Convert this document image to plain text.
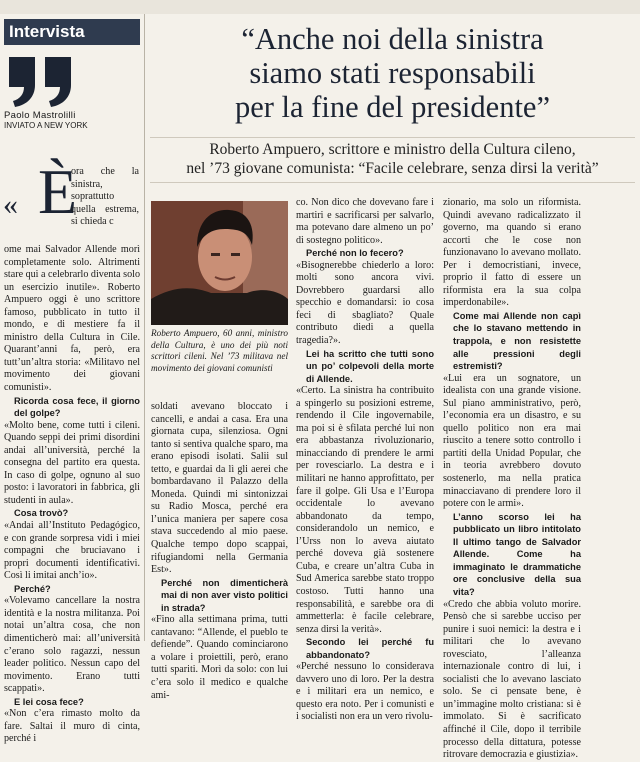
Intervista
Paolo Mastrolilli
INVIATO A NEW YORK
“Anche noi della sinistra
siamo stati responsabili
per la fine del presidente”

Roberto Ampuero, scrittore e ministro della Cultura cileno,
nel ’73 giovane comunista: “Facile celebrare, senza dirsi la verità”

« È

ora che la sinistra, soprattutto quella estrema, si chieda c

ome mai Salvador Allende morì completamente solo. Altrimenti stare qui a celebrarlo diventa solo un esercizio inutile». Roberto Ampuero oggi è uno scrittore famoso, pubblicato in tutto il mondo, e di mestiere fa il ministro della Cultura in Cile. Quarant’anni fa, però, era tutt’un’altra storia: «Militavo nel movimento dei giovani comunisti».

Ricorda cosa fece, il giorno del golpe?

«Molto bene, come tutti i cileni. Quando seppi dei primi disordini andai all’università, perché la consegna del partito era questa. In caso di golpe, ognuno al suo posto: i lavoratori in fabbrica, gli studenti in aula».

Cosa trovò?

«Andai all’Instituto Pedagógico, e con grande sorpresa vidi i miei compagni che bruciavano i propri documenti identificativi. Così li imitai anch’io».

Perché?

«Volevamo cancellare la nostra identità e la nostra militanza. Poi notai un’altra cosa, che non dimenticherò mai: all’università c’erano solo ragazzi, nessun leader politico. Nessun capo del movimento. Erano tutti scappati».

E lei cosa fece?

«Non c’era rimasto molto da fare. Saltai il muro di cinta, perché i

Roberto Ampuero, 60 anni, ministro della Cultura, è uno dei più noti scrittori cileni. Nel ’73 militava nel movimento dei giovani comunisti

soldati avevano bloccato i cancelli, e andai a casa. Era una giornata cupa, silenziosa. Ogni tanto si sentiva qualche sparo, ma erano episodi isolati. Salii sul tetto, e guardai da lì gli aerei che bombardavano il Palazzo della Moneda. Quindi mi sintonizzai su Radio Mosca, perché era l’unica maniera per sapere cosa stava succedendo al mio paese. Qualche tempo dopo scappai, rifugiandomi nella Germania Est».

Perché non dimenticherà mai di non aver visto politici in strada?

«Fino alla settimana prima, tutti cantavano: “Allende, el pueblo te defiende”. Quando cominciarono a volare i proiettili, però, erano tutti spariti. Morì da solo: con lui c’era solo il medico e qualche ami-

co. Non dico che dovevano fare i martiri e sacrificarsi per salvarlo, ma potevano dare almeno un po’ di sostegno politico».

Perché non lo fecero?

«Bisognerebbe chiederlo a loro: molti sono ancora vivi. Dovrebbero guardarsi allo specchio e domandarsi: io cosa feci di sbagliato? Quale contributo diedi a quella tragedia?».

Lei ha scritto che tutti sono un po’ colpevoli della morte di Allende.

«Certo. La sinistra ha contribuito a spingerlo su posizioni estreme, rendendo il Cile ingovernabile, ma poi si è sfilata perché lui non era abbastanza rivoluzionario, minacciando di prendere le armi per rovesciarlo. La destra e i militari ne hanno approfittato, per fare il golpe. Gli Usa e l’Europa occidentale lo avevano abbandonato da tempo, considerandolo un nemico, e l’Urss non lo aveva aiutato perché doveva già sostenere Cuba, e creare un’altra Cuba in Sud America sarebbe stato troppo costoso. Tutti hanno una responsabilità, e sarebbe ora di ammetterla: è facile celebrare, senza dirsi la verità».

Secondo lei perché fu abbandonato?

«Perché nessuno lo considerava davvero uno di loro. Per la destra e i militari era un nemico, e questo era noto. Per i comunisti e i socialisti non era un vero rivolu-

zionario, ma solo un riformista. Quindi avevano radicalizzato il governo, ma quando si erano accorti che le cose non funzionavano lo avevano mollato. Per i democristiani, invece, proprio il fatto di essere un riformista era la sua colpa imperdonabile».

Come mai Allende non capì che lo stavano mettendo in trappola, e non resistette alle pressioni degli estremisti?

«Lui era un sognatore, un idealista con una grande visione. Sul piano amministrativo, però, l’economia era un disastro, e su quello politico non era mai riuscito a tenere sotto controllo i partiti della Unidad Popular, che in teoria avrebbero dovuto sostenerlo, ma nella pratica minacciavano di prendere loro il potere con le armi».

L’anno scorso lei ha pubblicato un libro intitolato Il ultimo tango de Salvador Allende. Come ha immaginato le drammatiche ore conclusive della sua vita?

«Credo che abbia voluto morire. Pensò che si sarebbe ucciso per punire i suoi nemici: la destra e i militari che lo avevano rovesciato, l’alleanza internazionale contro di lui, i socialisti che lo avevano lasciato solo. Se ci pensate bene, è un’immagine molto cristiana: si è immolato. Si è sacrificato affinché il Cile, dopo il terribile processo della dittatura, potesse ritrovare democrazia e giustizia».
